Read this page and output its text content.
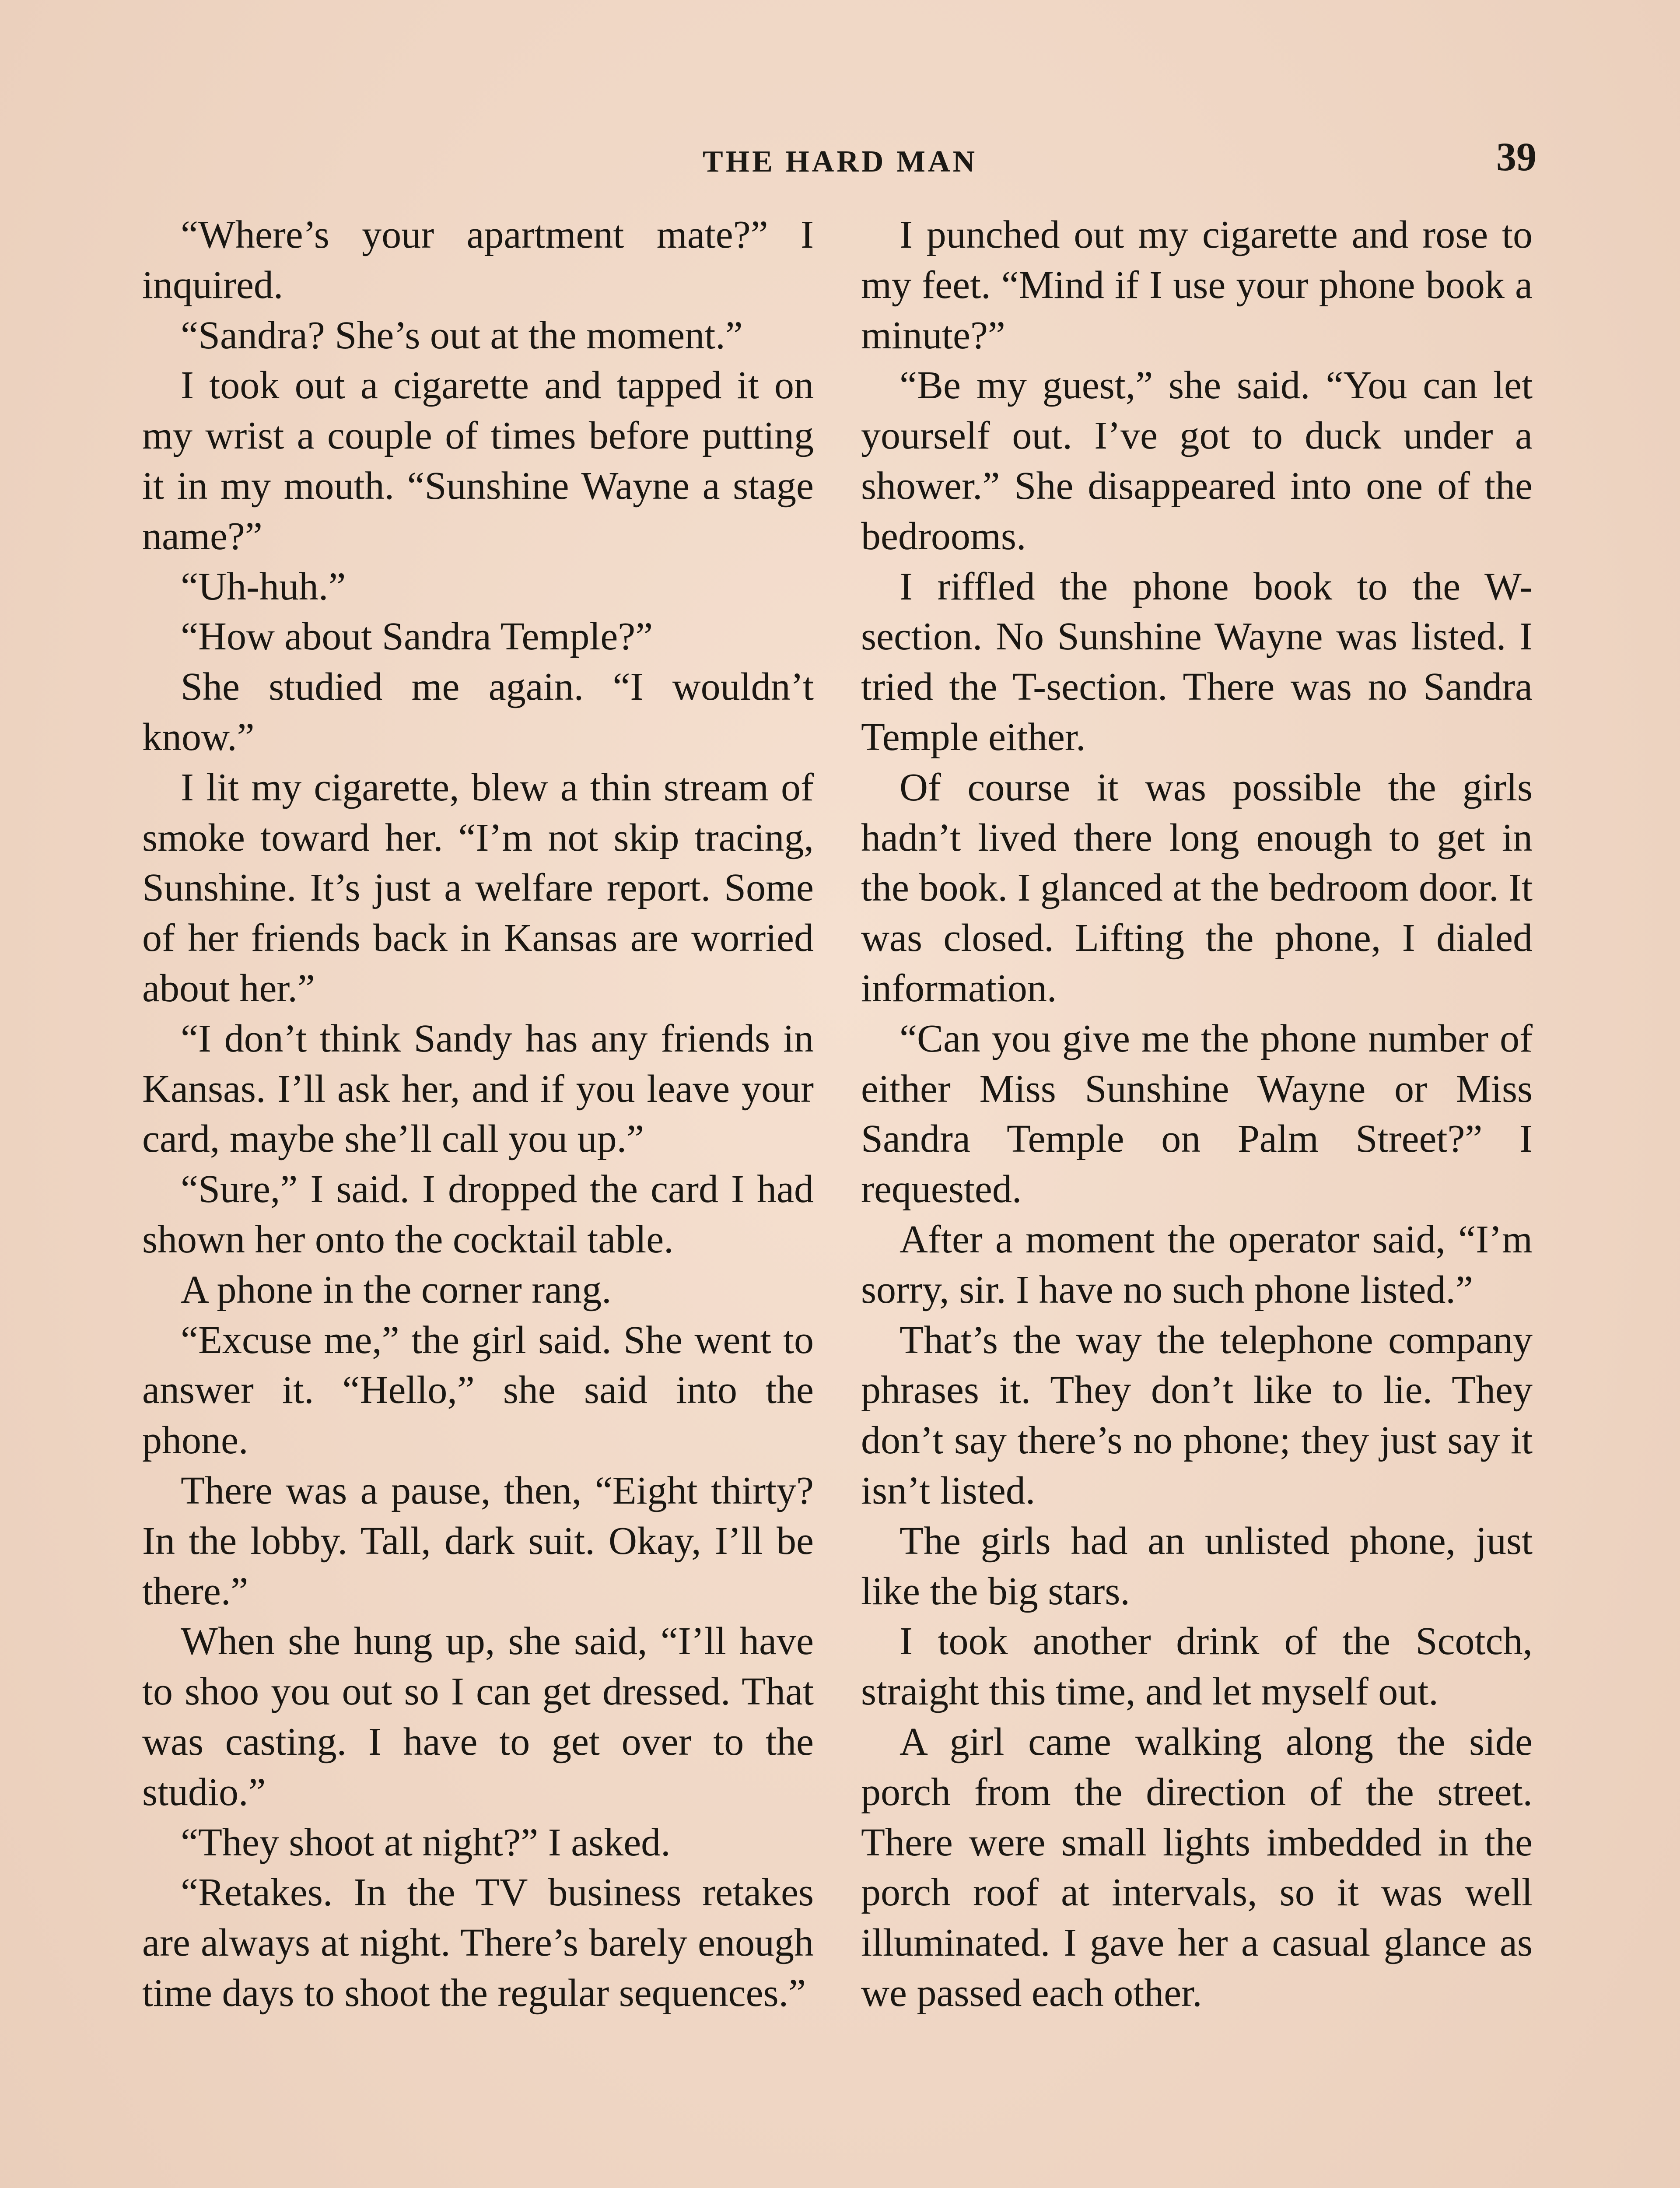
THE HARD MAN	39

“Where’s your apartment mate?” I inquired.

“Sandra? She’s out at the moment.”

I took out a cigarette and tapped it on my wrist a couple of times before putting it in my mouth. “Sunshine Wayne a stage name?”

“Uh-huh.”

“How about Sandra Temple?”

She studied me again. “I wouldn’t know.”

I lit my cigarette, blew a thin stream of smoke toward her. “I’m not skip tracing, Sunshine. It’s just a welfare report. Some of her friends back in Kansas are worried about her.”

“I don’t think Sandy has any friends in Kansas. I’ll ask her, and if you leave your card, maybe she’ll call you up.”

“Sure,” I said. I dropped the card I had shown her onto the cocktail table.

A phone in the corner rang.

“Excuse me,” the girl said. She went to answer it. “Hello,” she said into the phone.

There was a pause, then, “Eight thirty? In the lobby. Tall, dark suit. Okay, I’ll be there.”

When she hung up, she said, “I’ll have to shoo you out so I can get dressed. That was casting. I have to get over to the studio.”

“They shoot at night?” I asked.

“Retakes. In the TV business retakes are always at night. There’s barely enough time days to shoot the regular sequences.”

I punched out my cigarette and rose to my feet. “Mind if I use your phone book a minute?”

“Be my guest,” she said. “You can let yourself out. I’ve got to duck under a shower.” She disappeared into one of the bedrooms.

I riffled the phone book to the W-section. No Sunshine Wayne was listed. I tried the T-section. There was no Sandra Temple either.

Of course it was possible the girls hadn’t lived there long enough to get in the book. I glanced at the bedroom door. It was closed. Lifting the phone, I dialed information.

“Can you give me the phone number of either Miss Sunshine Wayne or Miss Sandra Temple on Palm Street?” I requested.

After a moment the operator said, “I’m sorry, sir. I have no such phone listed.”

That’s the way the telephone company phrases it. They don’t like to lie. They don’t say there’s no phone; they just say it isn’t listed.

The girls had an unlisted phone, just like the big stars.

I took another drink of the Scotch, straight this time, and let myself out.

A girl came walking along the side porch from the direction of the street. There were small lights imbedded in the porch roof at intervals, so it was well illuminated. I gave her a casual glance as we passed each other.
